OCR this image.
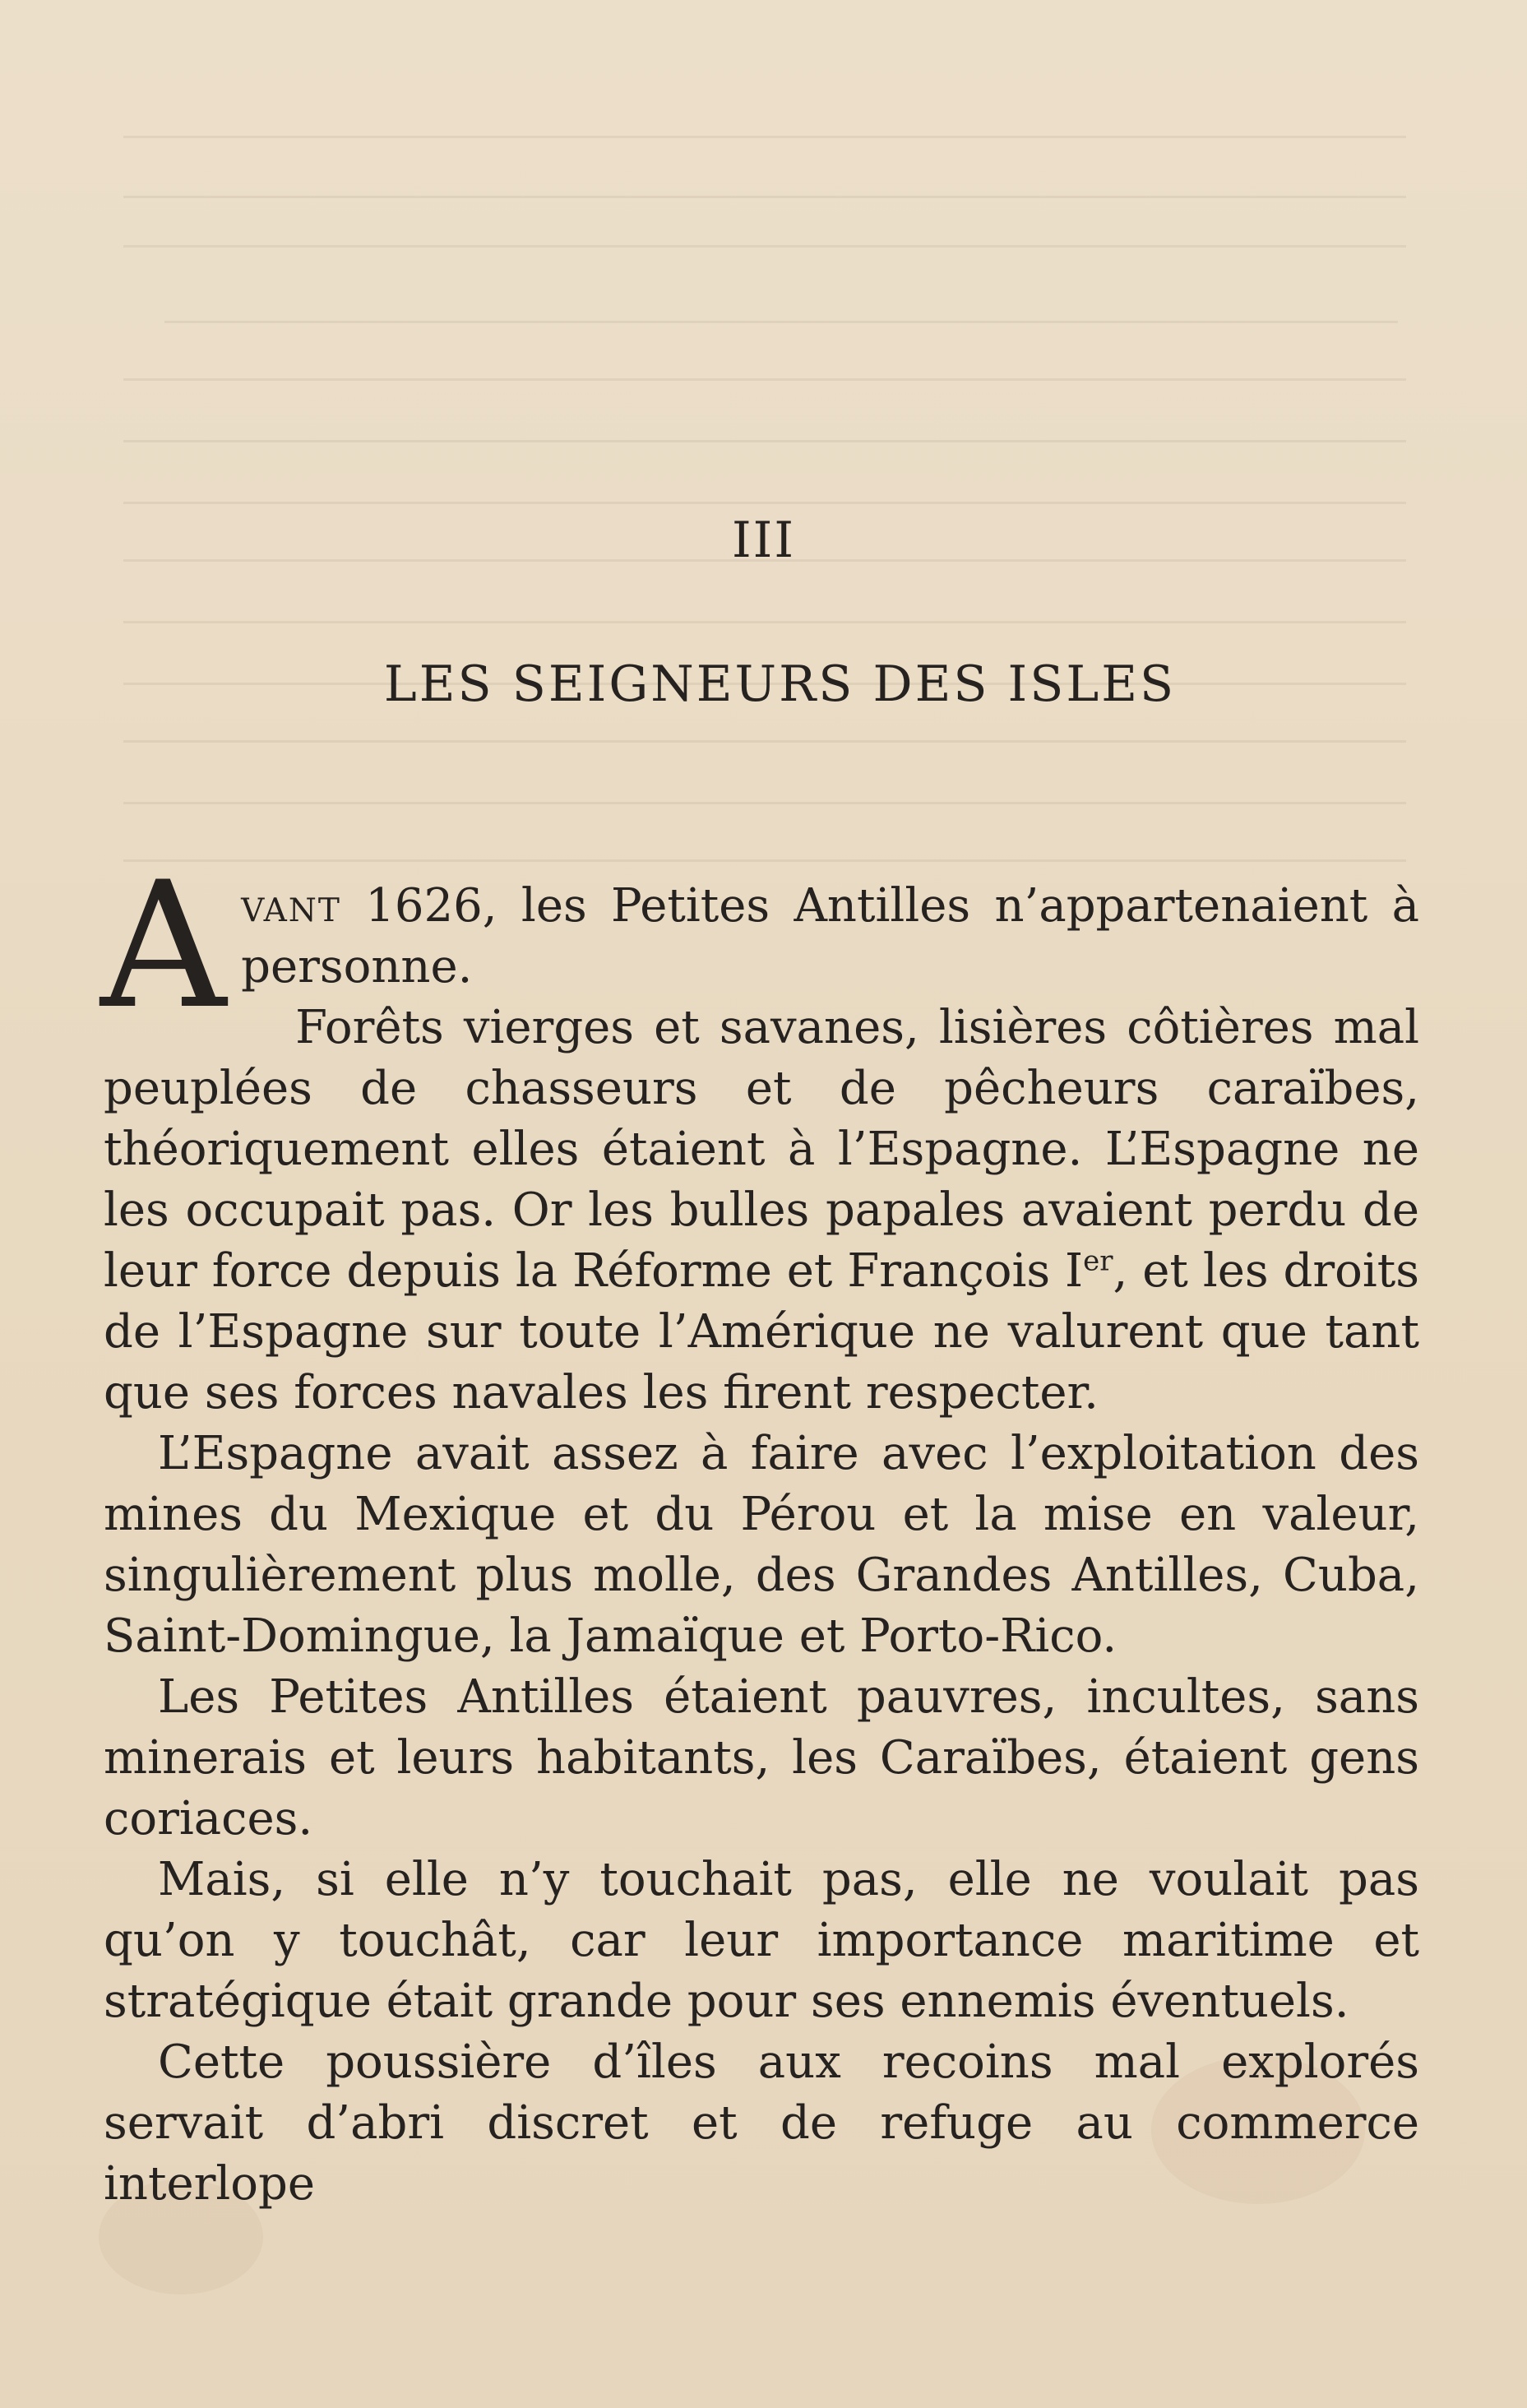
III
LES SEIGNEURS DES ISLES

Avant 1626, les Petites Antilles n’appartenaient à personne.

Forêts vierges et savanes, lisières côtières mal peuplées de chasseurs et de pêcheurs caraïbes, théoriquement elles étaient à l’Espagne. L’Espagne ne les occupait pas. Or les bulles papales avaient perdu de leur force depuis la Réforme et François Ier, et les droits de l’Espagne sur toute l’Amérique ne valurent que tant que ses forces navales les firent respecter.

L’Espagne avait assez à faire avec l’exploitation des mines du Mexique et du Pérou et la mise en valeur, singulièrement plus molle, des Grandes Antilles, Cuba, Saint-Domingue, la Jamaïque et Porto-Rico.

Les Petites Antilles étaient pauvres, incultes, sans minerais et leurs habitants, les Caraïbes, étaient gens coriaces.

Mais, si elle n’y touchait pas, elle ne voulait pas qu’on y touchât, car leur importance maritime et stratégique était grande pour ses ennemis éventuels.

Cette poussière d’îles aux recoins mal explorés servait d’abri discret et de refuge au commerce interlope
